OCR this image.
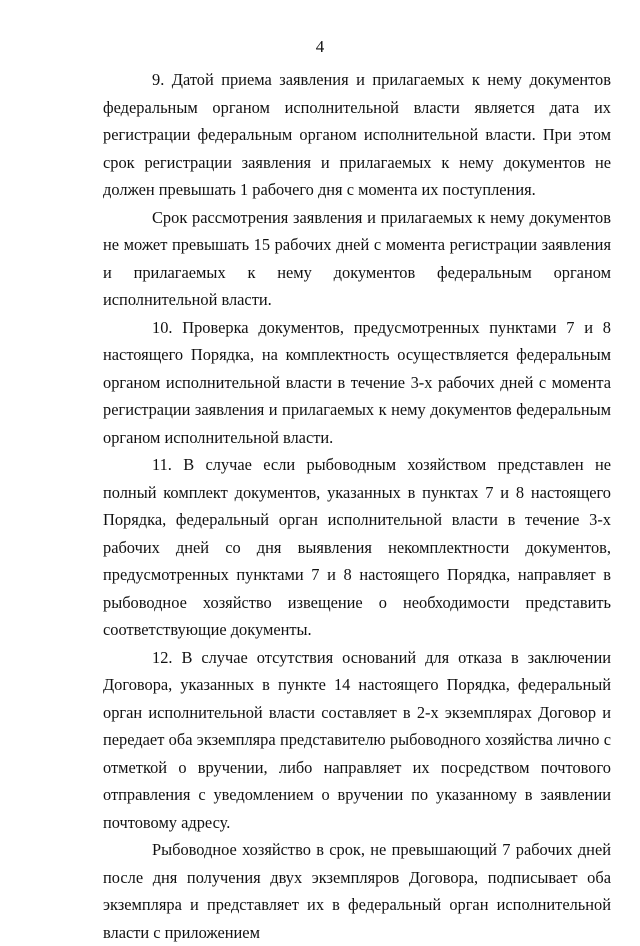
4

9. Датой приема заявления и прилагаемых к нему документов федеральным органом исполнительной власти является дата их регистрации федеральным органом исполнительной власти. При этом срок регистрации заявления и прилагаемых к нему документов не должен превышать 1 рабочего дня с момента их поступления.

Срок рассмотрения заявления и прилагаемых к нему документов не может превышать 15 рабочих дней с момента регистрации заявления и прилагаемых к нему документов федеральным органом исполнительной власти.

10. Проверка документов, предусмотренных пунктами 7 и 8 настоящего Порядка, на комплектность осуществляется федеральным органом исполнительной власти в течение 3-х рабочих дней с момента регистрации заявления и прилагаемых к нему документов федеральным органом исполнительной власти.

11. В случае если рыбоводным хозяйством представлен не полный комплект документов, указанных в пунктах 7 и 8 настоящего Порядка, федеральный орган исполнительной власти в течение 3-х рабочих дней со дня выявления некомплектности документов, предусмотренных пунктами 7 и 8 настоящего Порядка, направляет в рыбоводное хозяйство извещение о необходимости представить соответствующие документы.

12. В случае отсутствия оснований для отказа в заключении Договора, указанных в пункте 14 настоящего Порядка, федеральный орган исполнительной власти составляет в 2-х экземплярах Договор и передает оба экземпляра представителю рыбоводного хозяйства лично с отметкой о вручении, либо направляет их посредством почтового отправления с уведомлением о вручении по указанному в заявлении почтовому адресу.

Рыбоводное хозяйство в срок, не превышающий 7 рабочих дней после дня получения двух экземпляров Договора, подписывает оба экземпляра и представляет их в федеральный орган исполнительной власти с приложением
